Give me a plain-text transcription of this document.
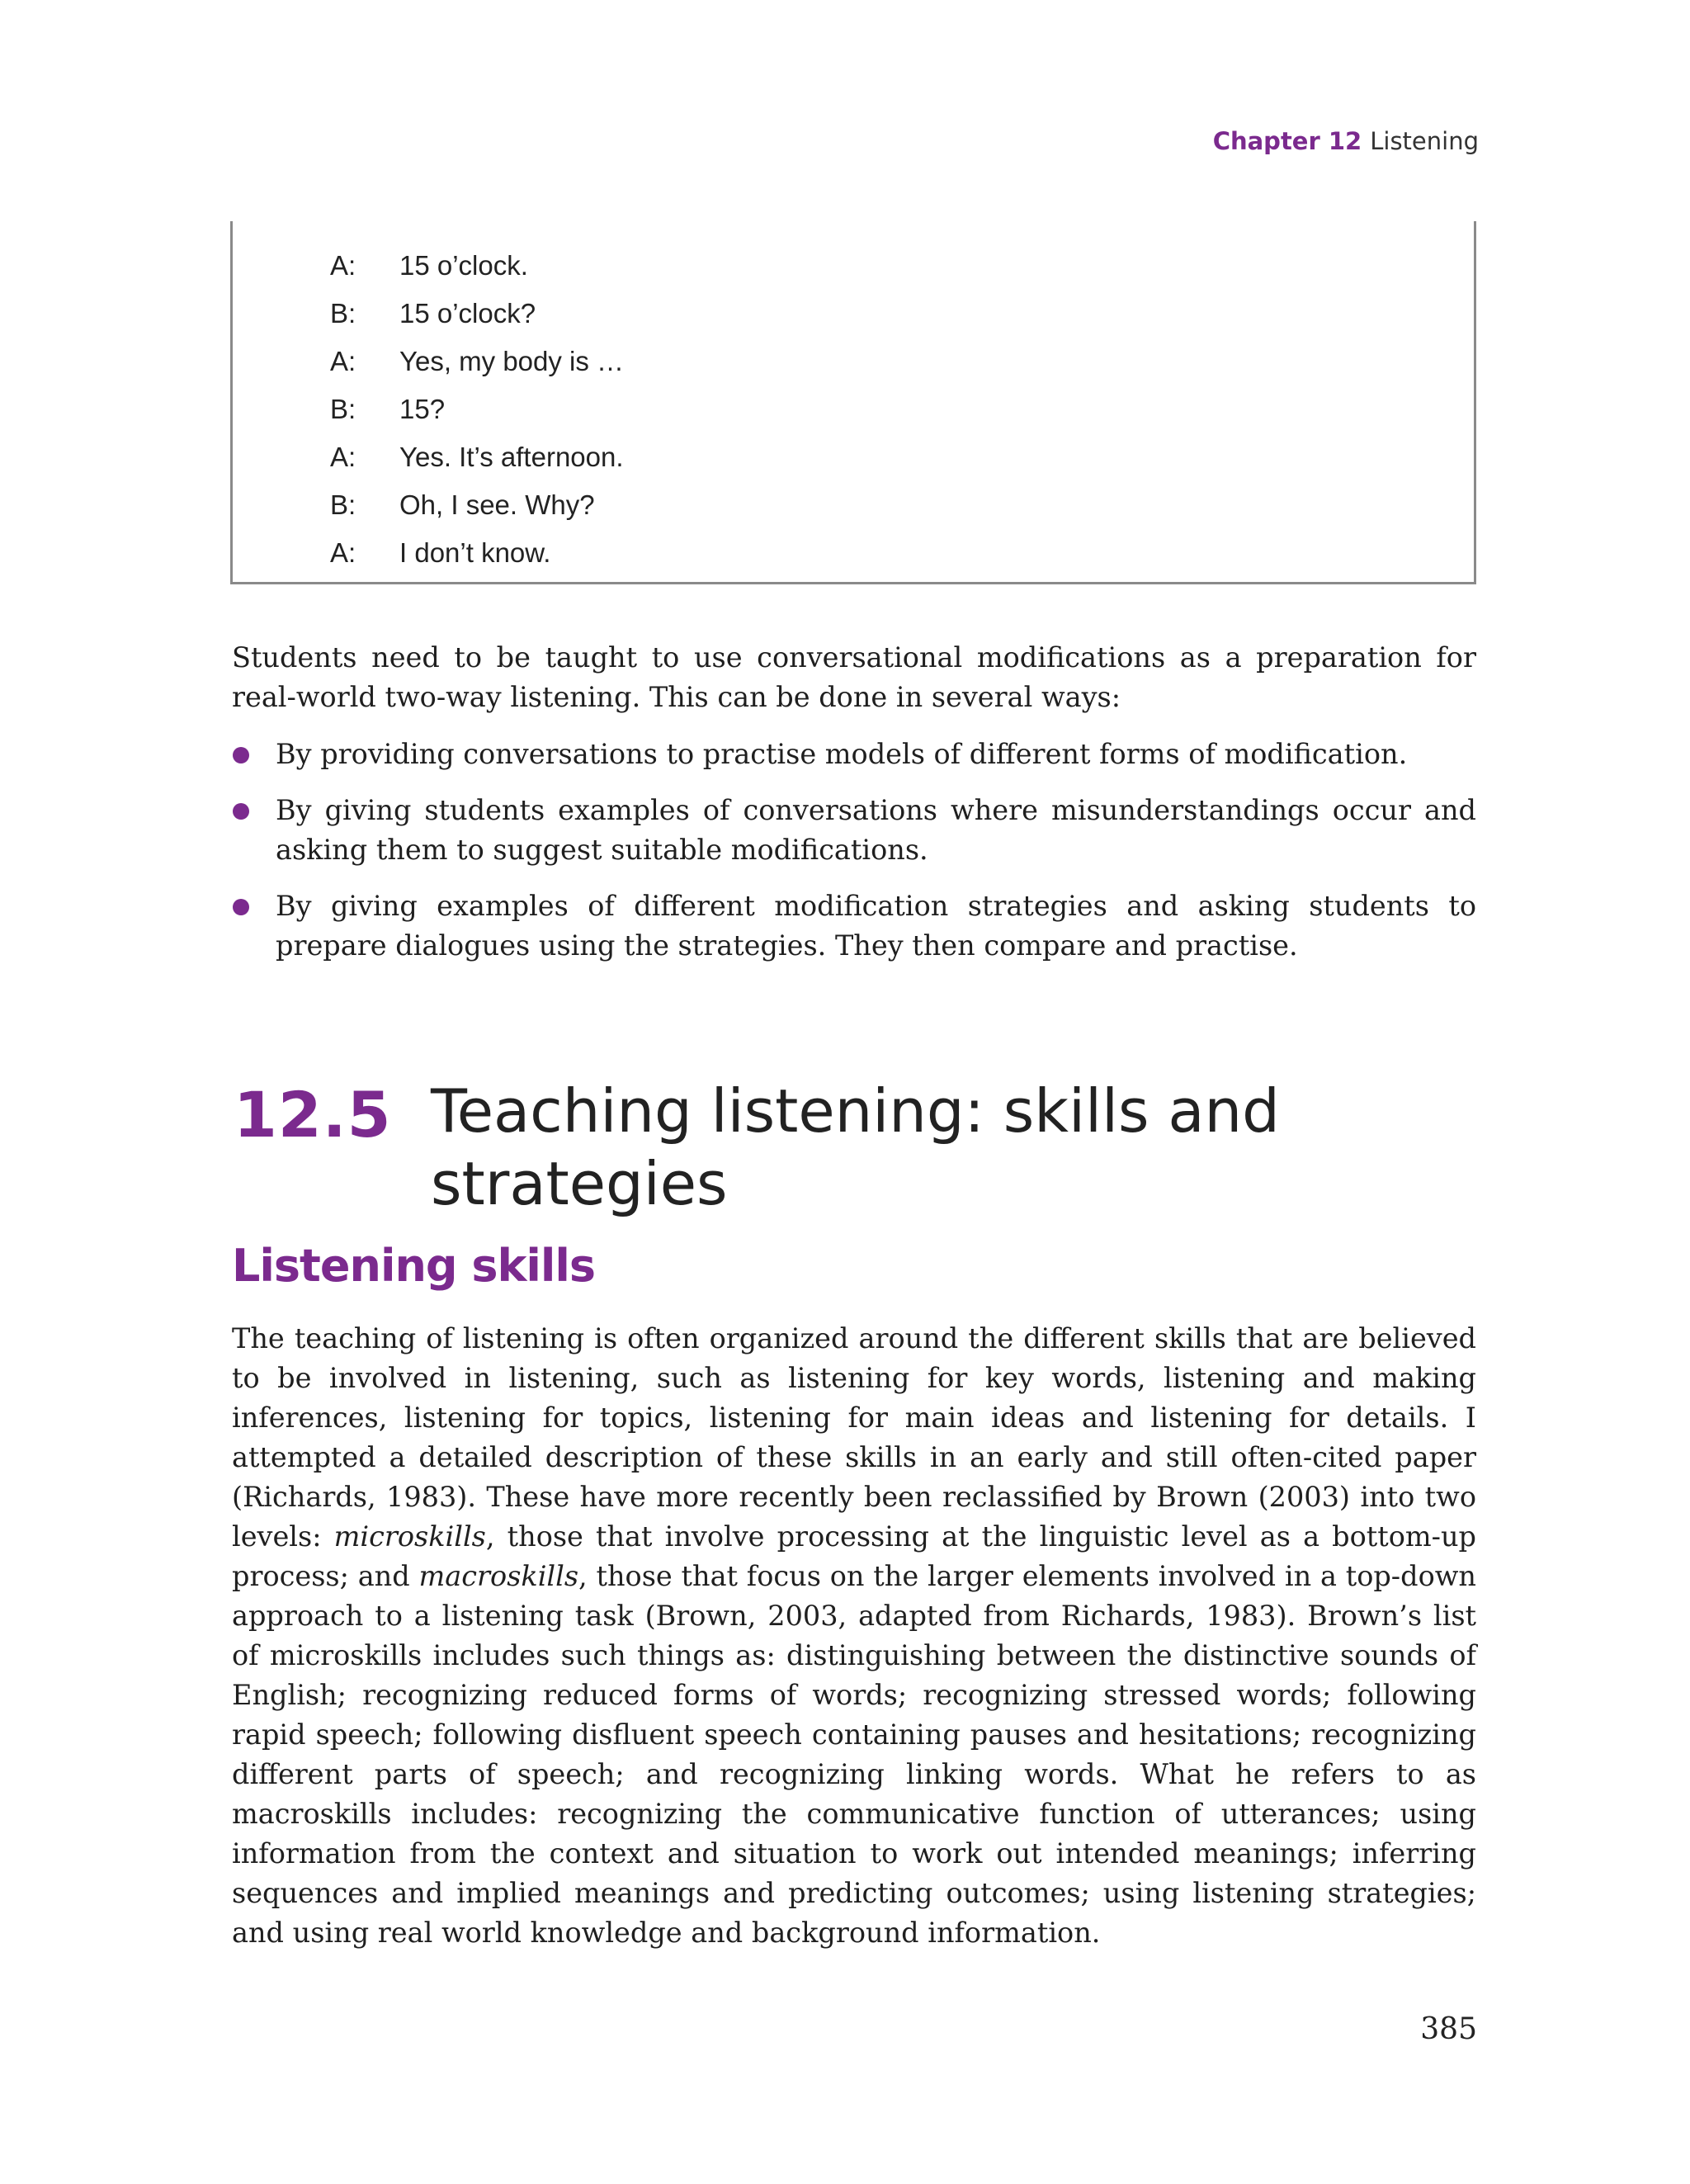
Chapter 12 Listening
A: 15 o’clock.
B: 15 o’clock?
A: Yes, my body is …
B: 15?
A: Yes. It’s afternoon.
B: Oh, I see. Why?
A: I don’t know.

Students need to be taught to use conversational modifications as a preparation for real-world two-way listening. This can be done in several ways:

By providing conversations to practise models of different forms of modification.
By giving students examples of conversations where misunderstandings occur and asking them to suggest suitable modifications.
By giving examples of different modification strategies and asking students to prepare dialogues using the strategies. They then compare and practise.
12.5 Teaching listening: skills and
strategies
Listening skills

The teaching of listening is often organized around the different skills that are believed to be involved in listening, such as listening for key words, listening and making inferences, listening for topics, listening for main ideas and listening for details. I attempted a detailed description of these skills in an early and still often-cited paper (Richards, 1983). These have more recently been reclassified by Brown (2003) into two levels: microskills, those that involve processing at the linguistic level as a bottom-up process; and macroskills, those that focus on the larger elements involved in a top-down approach to a listening task (Brown, 2003, adapted from Richards, 1983). Brown’s list of microskills includes such things as: distinguishing between the distinctive sounds of English; recognizing reduced forms of words; recognizing stressed words; following rapid speech; following disfluent speech containing pauses and hesitations; recognizing different parts of speech; and recognizing linking words. What he refers to as macroskills includes: recognizing the communicative function of utterances; using information from the context and situation to work out intended meanings; inferring sequences and implied meanings and predicting outcomes; using listening strategies; and using real world knowledge and background information.

385
